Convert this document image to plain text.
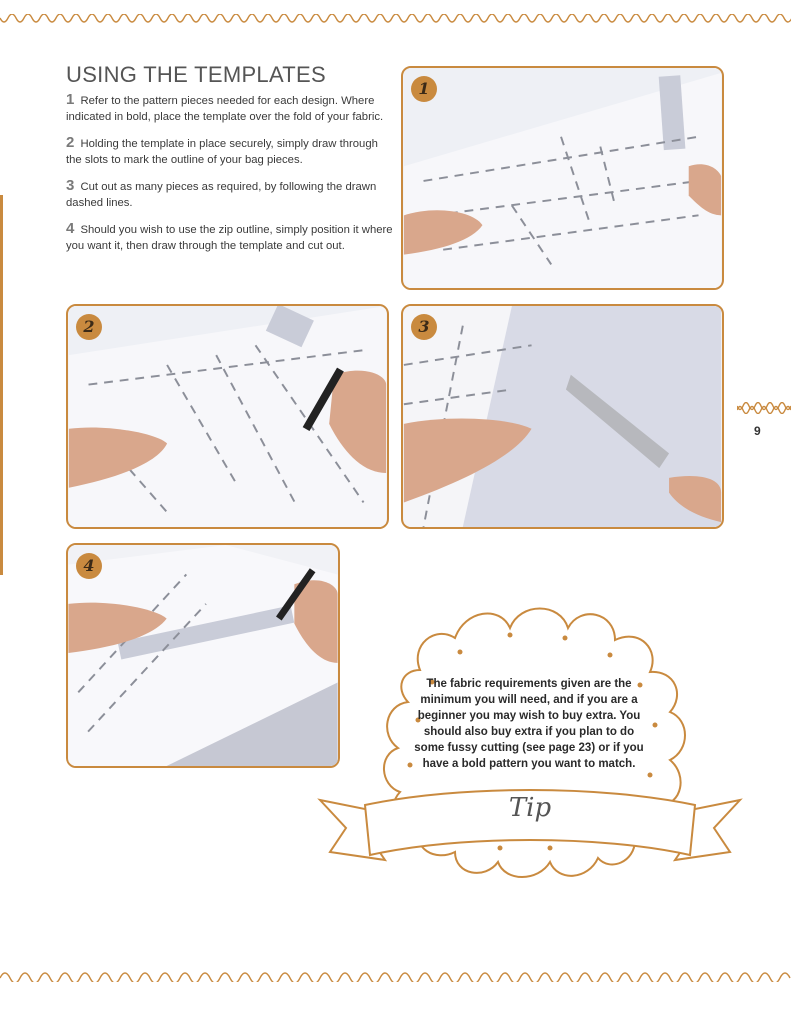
USING THE TEMPLATES

1 Refer to the pattern pieces needed for each design. Where indicated in bold, place the template over the fold of your fabric.

2 Holding the template in place securely, simply draw through the slots to mark the outline of your bag pieces.

3 Cut out as many pieces as required, by following the drawn dashed lines.

4 Should you wish to use the zip outline, simply position it where you want it, then draw through the template and cut out.

1
2	3
4
9

The fabric requirements given are the minimum you will need, and if you are a beginner you may wish to buy extra. You should also buy extra if you plan to do some fussy cutting (see page 23) or if you have a bold pattern you want to match.

Tip
